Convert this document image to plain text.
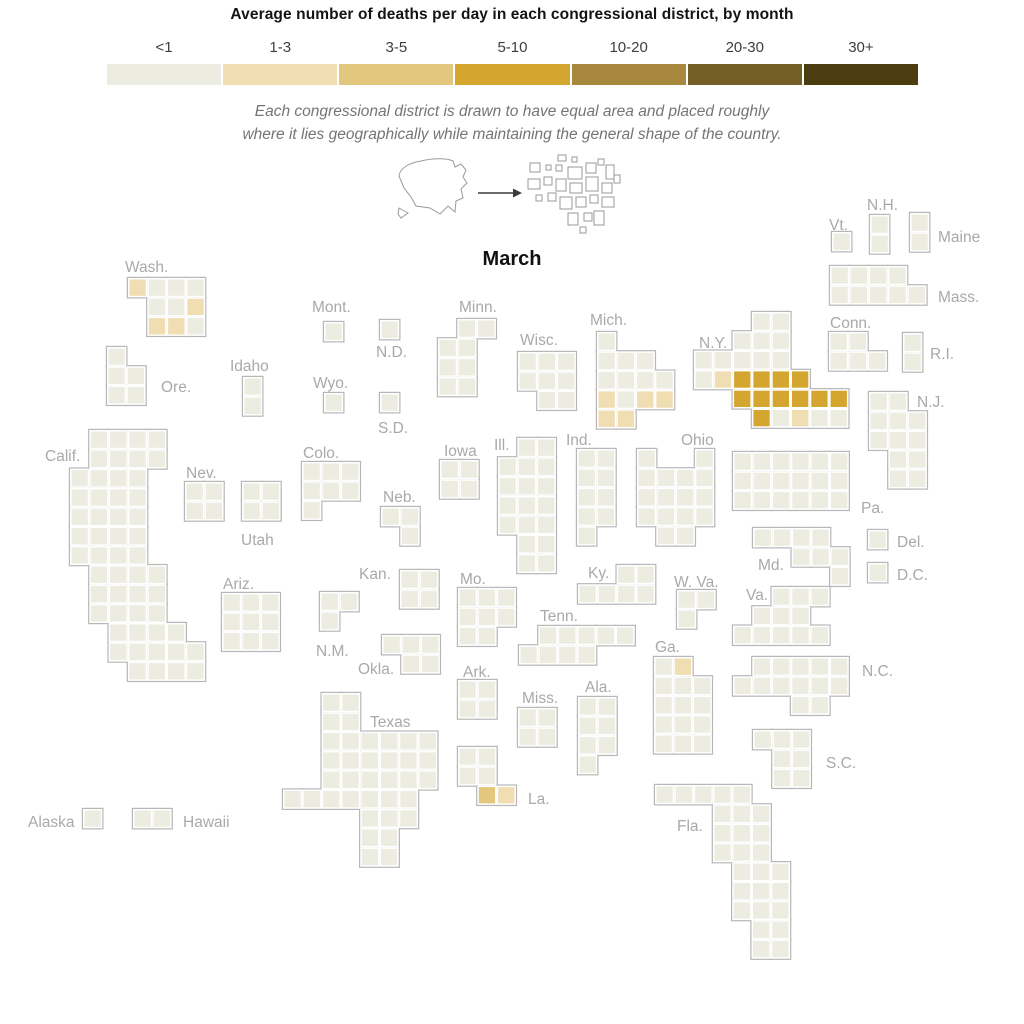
Average number of deaths per day in each congressional district, by month
<1	1-3	3-5	5-10	10-20	20-30	30+
Each congressional district is drawn to have equal area and placed roughly
where it lies geographically while maintaining the general shape of the country.
Wash.
Ore.
Idaho
Mont.
N.D.
Wyo.
S.D.
Minn.
Wisc.
Mich.
N.Y.
Vt.
N.H.
Maine
Mass.
Conn.
R.I.
N.J.
Pa.
Ohio
Ind.
Ill.
Iowa
Colo.
Neb.
Nev.
Utah
Calif.
Ariz.
Kan.
N.M.
Okla.
Mo.	Ky.
W. Va.
Va.
Md.
Del.
D.C.
N.C.
S.C.
Ga.
Ala.
Tenn.
Miss.
Ark.
La.
Texas
Fla.
Alaska	Hawaii
March
